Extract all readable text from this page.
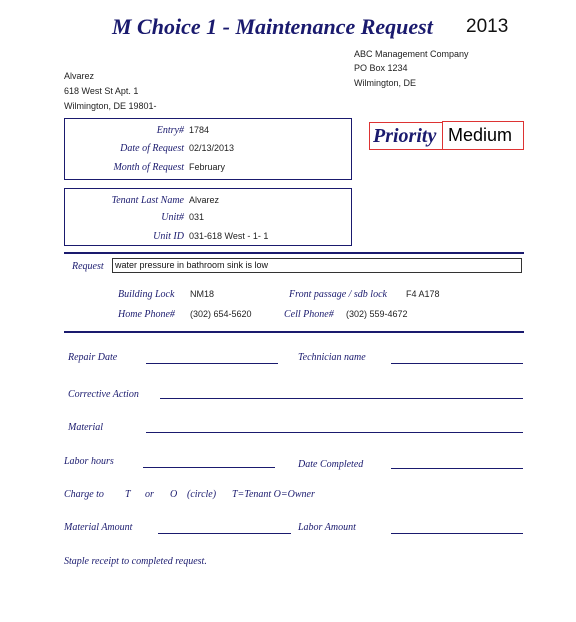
M Choice 1 - Maintenance Request 2013
ABC Management Company
PO Box 1234
Wilmington, DE
Alvarez
618 West St Apt. 1
Wilmington, DE 19801-
Entry# 1784
Date of Request 02/13/2013
Month of Request February
Priority Medium
Tenant Last Name Alvarez
Unit# 031
Unit ID 031-618 West - 1- 1
Request	water pressure in bathroom sink is low
Building Lock NM18	Front passage / sdb lock F4 A178
Home Phone# (302) 654-5620	Cell Phone# (302) 559-4672
Repair Date	Technician name
Corrective Action
Material
Labor hours	Date Completed
Charge to T or O (circle) T=Tenant O=Owner
Material Amount	Labor Amount
Staple receipt to completed request.
